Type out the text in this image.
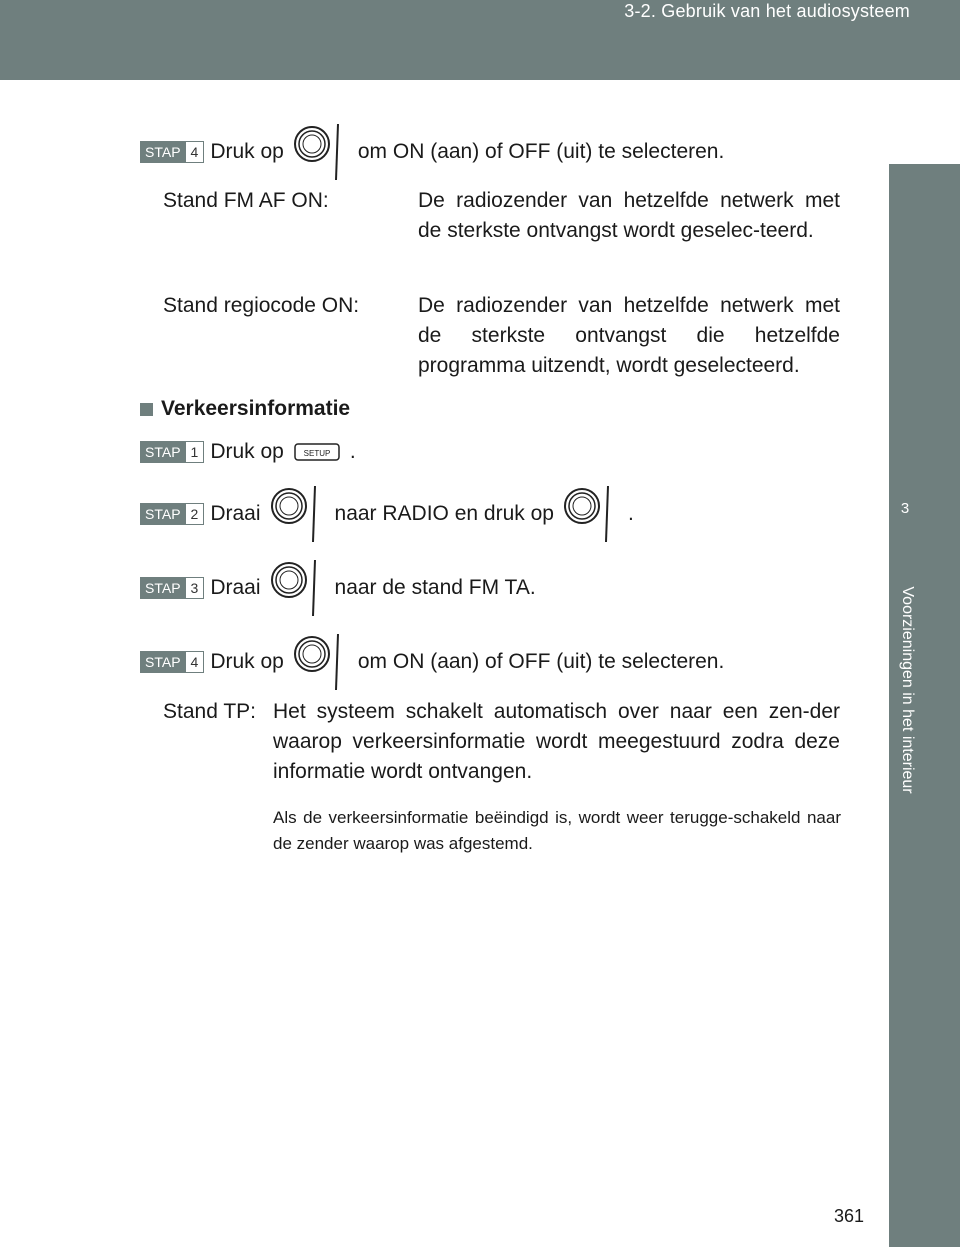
3-2. Gebruik van het audiosysteem
3
Voorzieningen in het interieur
STAP 4 Druk op	om ON (aan) of OFF (uit) te selecteren.
Stand FM AF ON:	De radiozender van hetzelfde netwerk met de sterkste ontvangst wordt geselec-teerd.
Stand regiocode ON:	De radiozender van hetzelfde netwerk met de sterkste ontvangst die hetzelfde programma uitzendt, wordt geselecteerd.
Verkeersinformatie
STAP 1 Druk op SETUP .
STAP 2 Draai	naar RADIO en druk op	.
STAP 3 Draai	naar de stand FM TA.
STAP 4 Druk op	om ON (aan) of OFF (uit) te selecteren.
Stand TP: Het systeem schakelt automatisch over naar een zen-der waarop verkeersinformatie wordt meegestuurd zodra deze informatie wordt ontvangen.
Als de verkeersinformatie beëindigd is, wordt weer terugge-schakeld naar de zender waarop was afgestemd.
361
